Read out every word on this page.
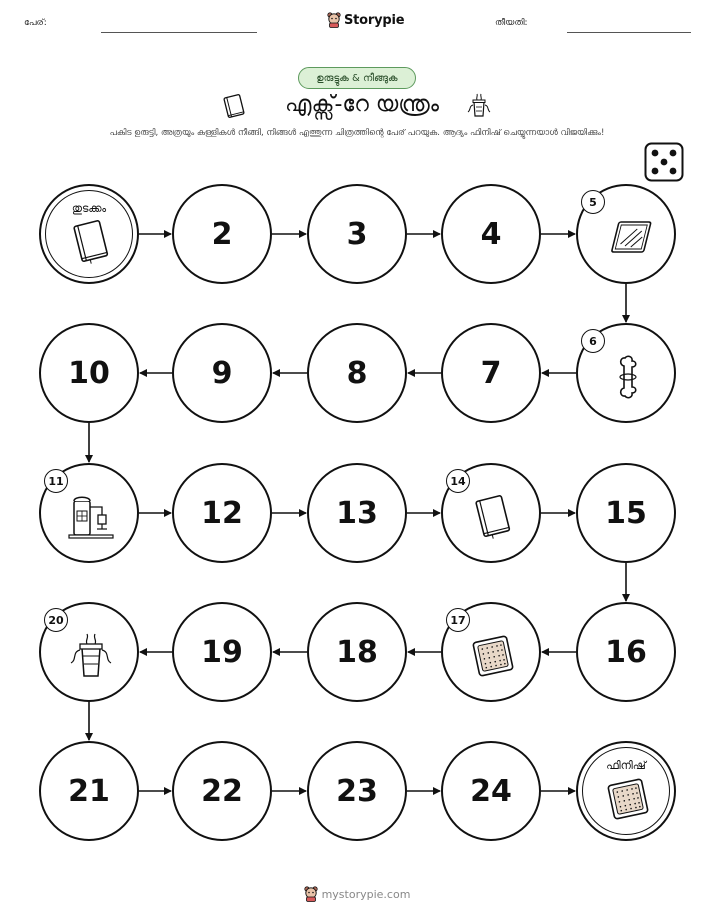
പേര്:	Storypie	തീയതി:
ഉരുട്ടുക & നീങ്ങുക
എക്സ്-റേ യന്ത്രം
പകിട ഉരുട്ടി, അത്രയും കള്ളികൾ നീങ്ങി, നിങ്ങൾ എത്തുന്ന ചിത്രത്തിന്റെ പേര് പറയുക. ആദ്യം ഫിനിഷ് ചെയ്യുന്നയാൾ വിജയിക്കും!
തുടക്കം
2	3	4
5
6
7
8
9
10
11
12	13
14
15
16
17
18
19
20
21	22	23	24
ഫിനിഷ്
mystorypie.com
